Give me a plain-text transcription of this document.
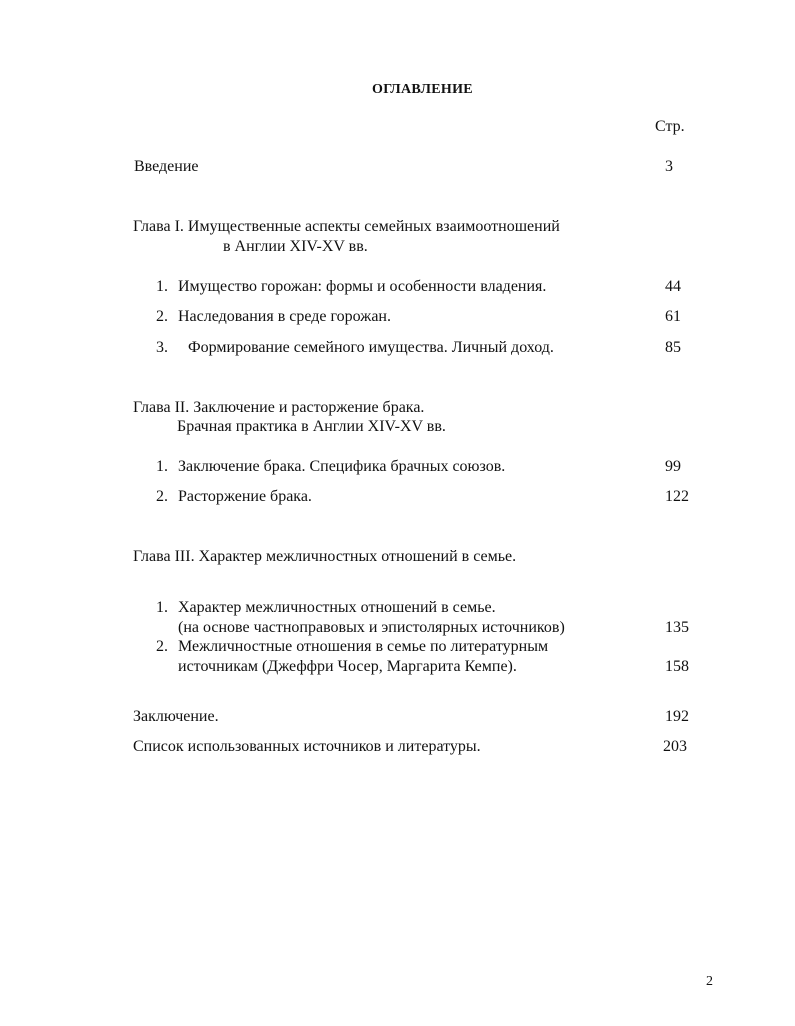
ОГЛАВЛЕНИЕ
Стр.
Введение	3
Глава I. Имущественные аспекты семейных взаимоотношений
в Англии XIV-XV вв.
1. Имущество горожан: формы и особенности владения.	44
2. Наследования в среде горожан.	61
3. Формирование семейного имущества. Личный доход.	85
Глава II. Заключение и расторжение брака.
Брачная практика в Англии XIV-XV вв.
1. Заключение брака. Специфика брачных союзов.	99
2. Расторжение брака.	122
Глава III. Характер межличностных отношений в семье.
1. Характер межличностных отношений в семье.
(на основе частноправовых и эпистолярных источников)	135
2. Межличностные отношения в семье по литературным
источникам (Джеффри Чосер, Маргарита Кемпе).	158
Заключение.	192
Список использованных источников и литературы.	203
2
